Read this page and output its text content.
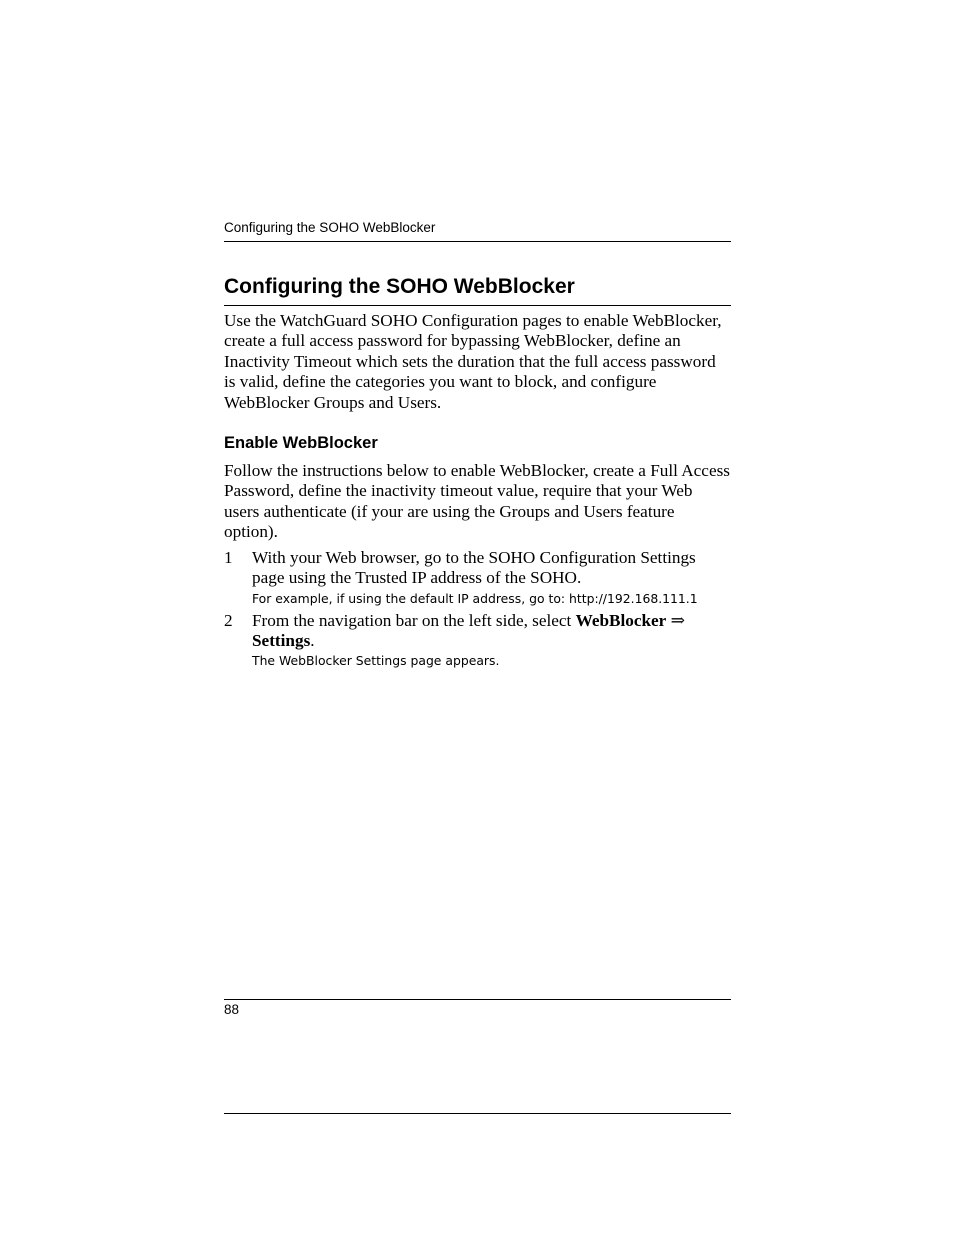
Configuring the SOHO WebBlocker
Configuring the SOHO WebBlocker

Use the WatchGuard SOHO Configuration pages to enable WebBlocker, create a full access password for bypassing WebBlocker, define an Inactivity Timeout which sets the duration that the full access password is valid, define the categories you want to block, and configure WebBlocker Groups and Users.

Enable WebBlocker

Follow the instructions below to enable WebBlocker, create a Full Access Password, define the inactivity timeout value, require that your Web users authenticate (if your are using the Groups and Users feature option).

1 With your Web browser, go to the SOHO Configuration Settings page using the Trusted IP address of the SOHO.
For example, if using the default IP address, go to: http://192.168.111.1
2 From the navigation bar on the left side, select WebBlocker ⇒ Settings.
The WebBlocker Settings page appears.
88
